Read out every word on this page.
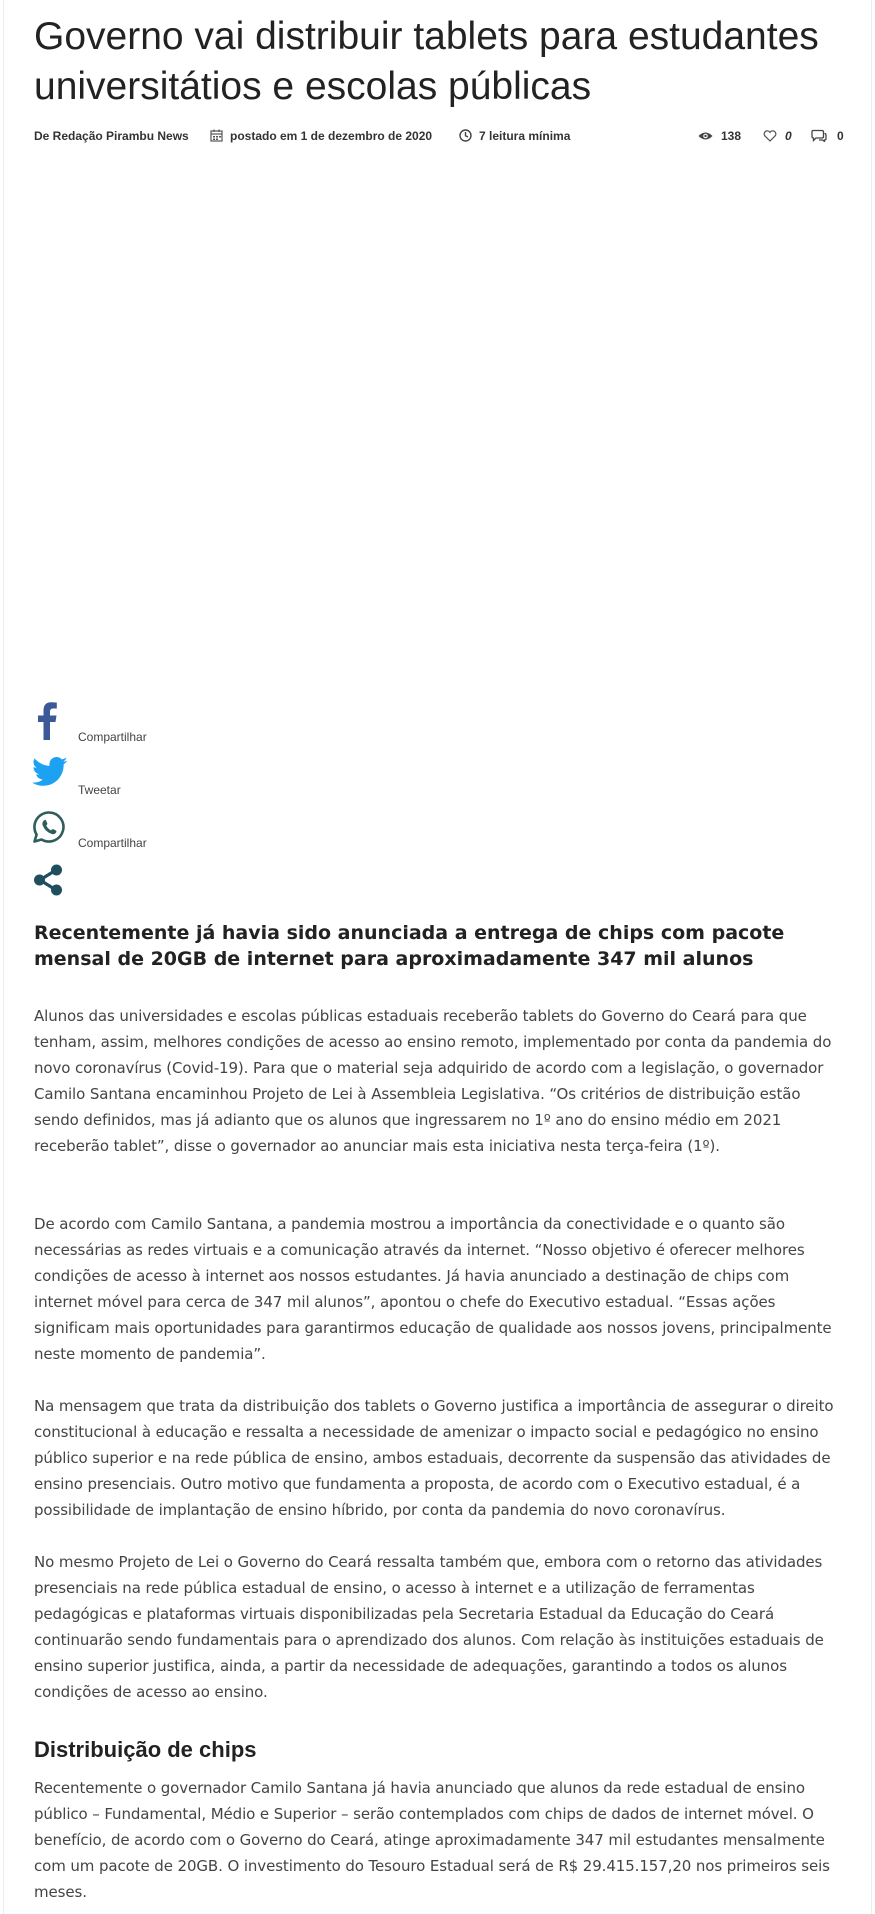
Governo vai distribuir tablets para estudantes universitátios e escolas públicas
De Redação Pirambu News	postado em 1 de dezembro de 2020	7 leitura mínima	138	0	0
Compartilhar
Tweetar
Compartilhar
Recentemente já havia sido anunciada a entrega de chips com pacote mensal de 20GB de internet para aproximadamente 347 mil alunos

Alunos das universidades e escolas públicas estaduais receberão tablets do Governo do Ceará para que tenham, assim, melhores condições de acesso ao ensino remoto, implementado por conta da pandemia do novo coronavírus (Covid-19). Para que o material seja adquirido de acordo com a legislação, o governador Camilo Santana encaminhou Projeto de Lei à Assembleia Legislativa. “Os critérios de distribuição estão sendo definidos, mas já adianto que os alunos que ingressarem no 1º ano do ensino médio em 2021 receberão tablet”, disse o governador ao anunciar mais esta iniciativa nesta terça-feira (1º).

De acordo com Camilo Santana, a pandemia mostrou a importância da conectividade e o quanto são necessárias as redes virtuais e a comunicação através da internet. “Nosso objetivo é oferecer melhores condições de acesso à internet aos nossos estudantes. Já havia anunciado a destinação de chips com internet móvel para cerca de 347 mil alunos”, apontou o chefe do Executivo estadual. “Essas ações significam mais oportunidades para garantirmos educação de qualidade aos nossos jovens, principalmente neste momento de pandemia”.

Na mensagem que trata da distribuição dos tablets o Governo justifica a importância de assegurar o direito constitucional à educação e ressalta a necessidade de amenizar o impacto social e pedagógico no ensino público superior e na rede pública de ensino, ambos estaduais, decorrente da suspensão das atividades de ensino presenciais. Outro motivo que fundamenta a proposta, de acordo com o Executivo estadual, é a possibilidade de implantação de ensino híbrido, por conta da pandemia do novo coronavírus.

No mesmo Projeto de Lei o Governo do Ceará ressalta também que, embora com o retorno das atividades presenciais na rede pública estadual de ensino, o acesso à internet e a utilização de ferramentas pedagógicas e plataformas virtuais disponibilizadas pela Secretaria Estadual da Educação do Ceará continuarão sendo fundamentais para o aprendizado dos alunos. Com relação às instituições estaduais de ensino superior justifica, ainda, a partir da necessidade de adequações, garantindo a todos os alunos condições de acesso ao ensino.

Distribuição de chips

Recentemente o governador Camilo Santana já havia anunciado que alunos da rede estadual de ensino público – Fundamental, Médio e Superior – serão contemplados com chips de dados de internet móvel. O benefício, de acordo com o Governo do Ceará, atinge aproximadamente 347 mil estudantes mensalmente com um pacote de 20GB. O investimento do Tesouro Estadual será de R$ 29.415.157,20 nos primeiros seis meses.
